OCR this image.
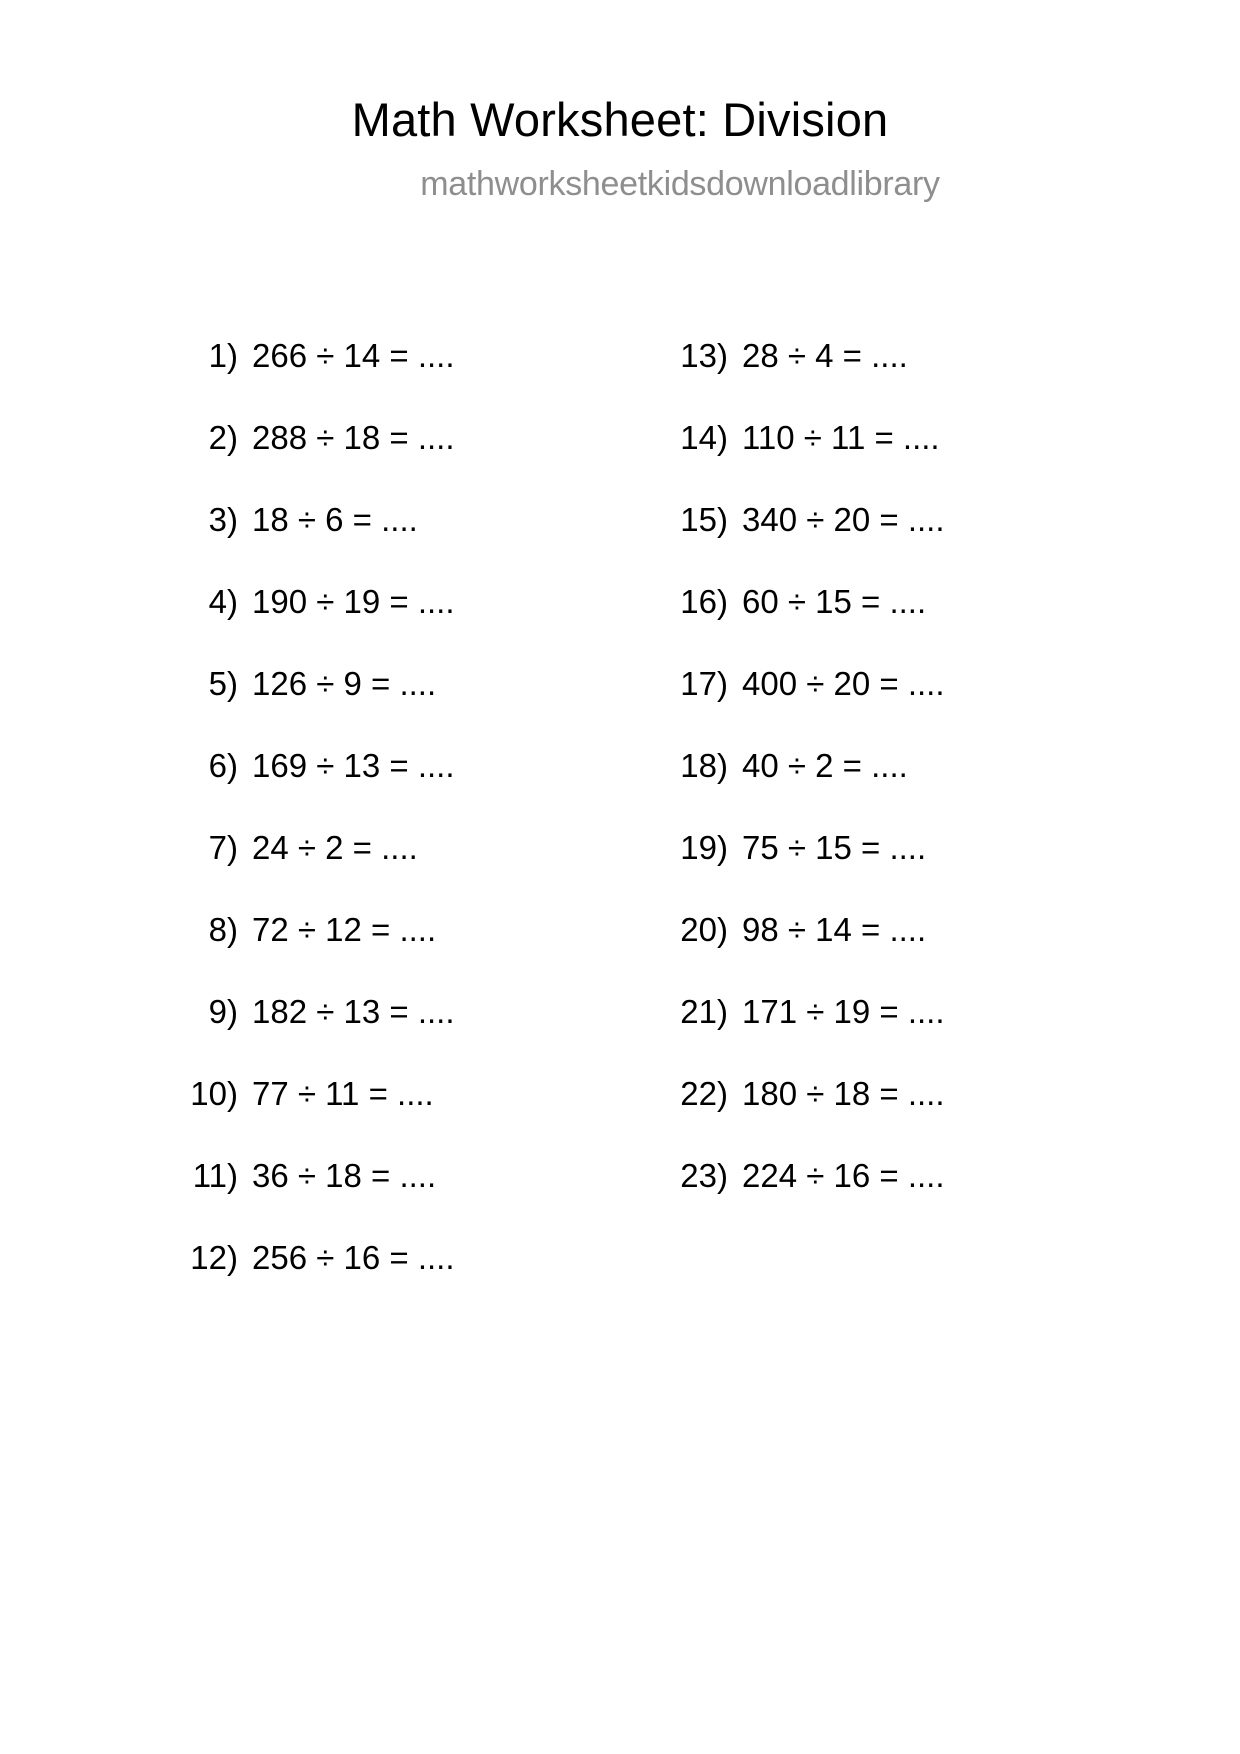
Math Worksheet: Division
mathworksheetkidsdownloadlibrary
1) 266 ÷ 14 = ....
2) 288 ÷ 18 = ....
3) 18 ÷ 6 = ....
4) 190 ÷ 19 = ....
5) 126 ÷ 9 = ....
6) 169 ÷ 13 = ....
7) 24 ÷ 2 = ....
8) 72 ÷ 12 = ....
9) 182 ÷ 13 = ....
10) 77 ÷ 11 = ....
11) 36 ÷ 18 = ....
12) 256 ÷ 16 = ....
13) 28 ÷ 4 = ....
14) 110 ÷ 11 = ....
15) 340 ÷ 20 = ....
16) 60 ÷ 15 = ....
17) 400 ÷ 20 = ....
18) 40 ÷ 2 = ....
19) 75 ÷ 15 = ....
20) 98 ÷ 14 = ....
21) 171 ÷ 19 = ....
22) 180 ÷ 18 = ....
23) 224 ÷ 16 = ....
